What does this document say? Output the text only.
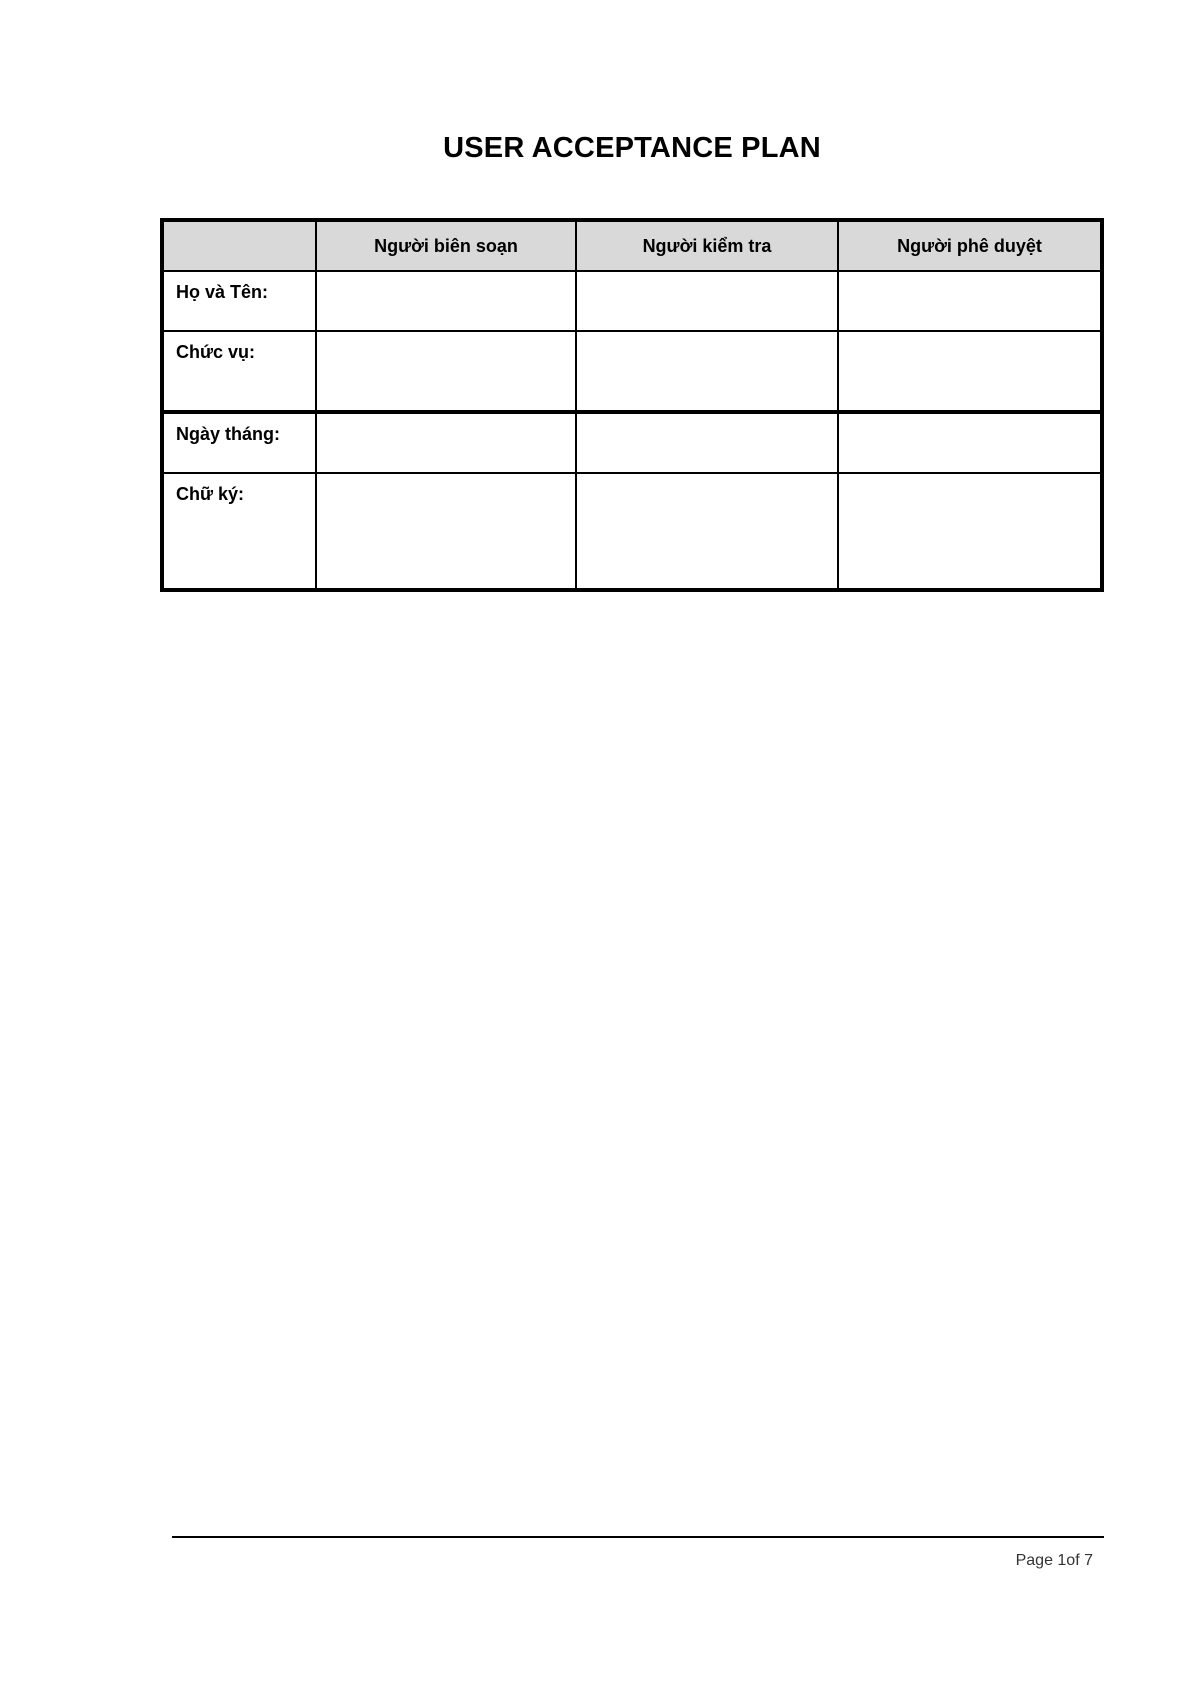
USER ACCEPTANCE PLAN
	Người biên soạn	Người kiểm tra	Người phê duyệt
Họ và Tên:			
Chức vụ:			
Ngày tháng:			
Chữ ký:			
Page 1of 7
